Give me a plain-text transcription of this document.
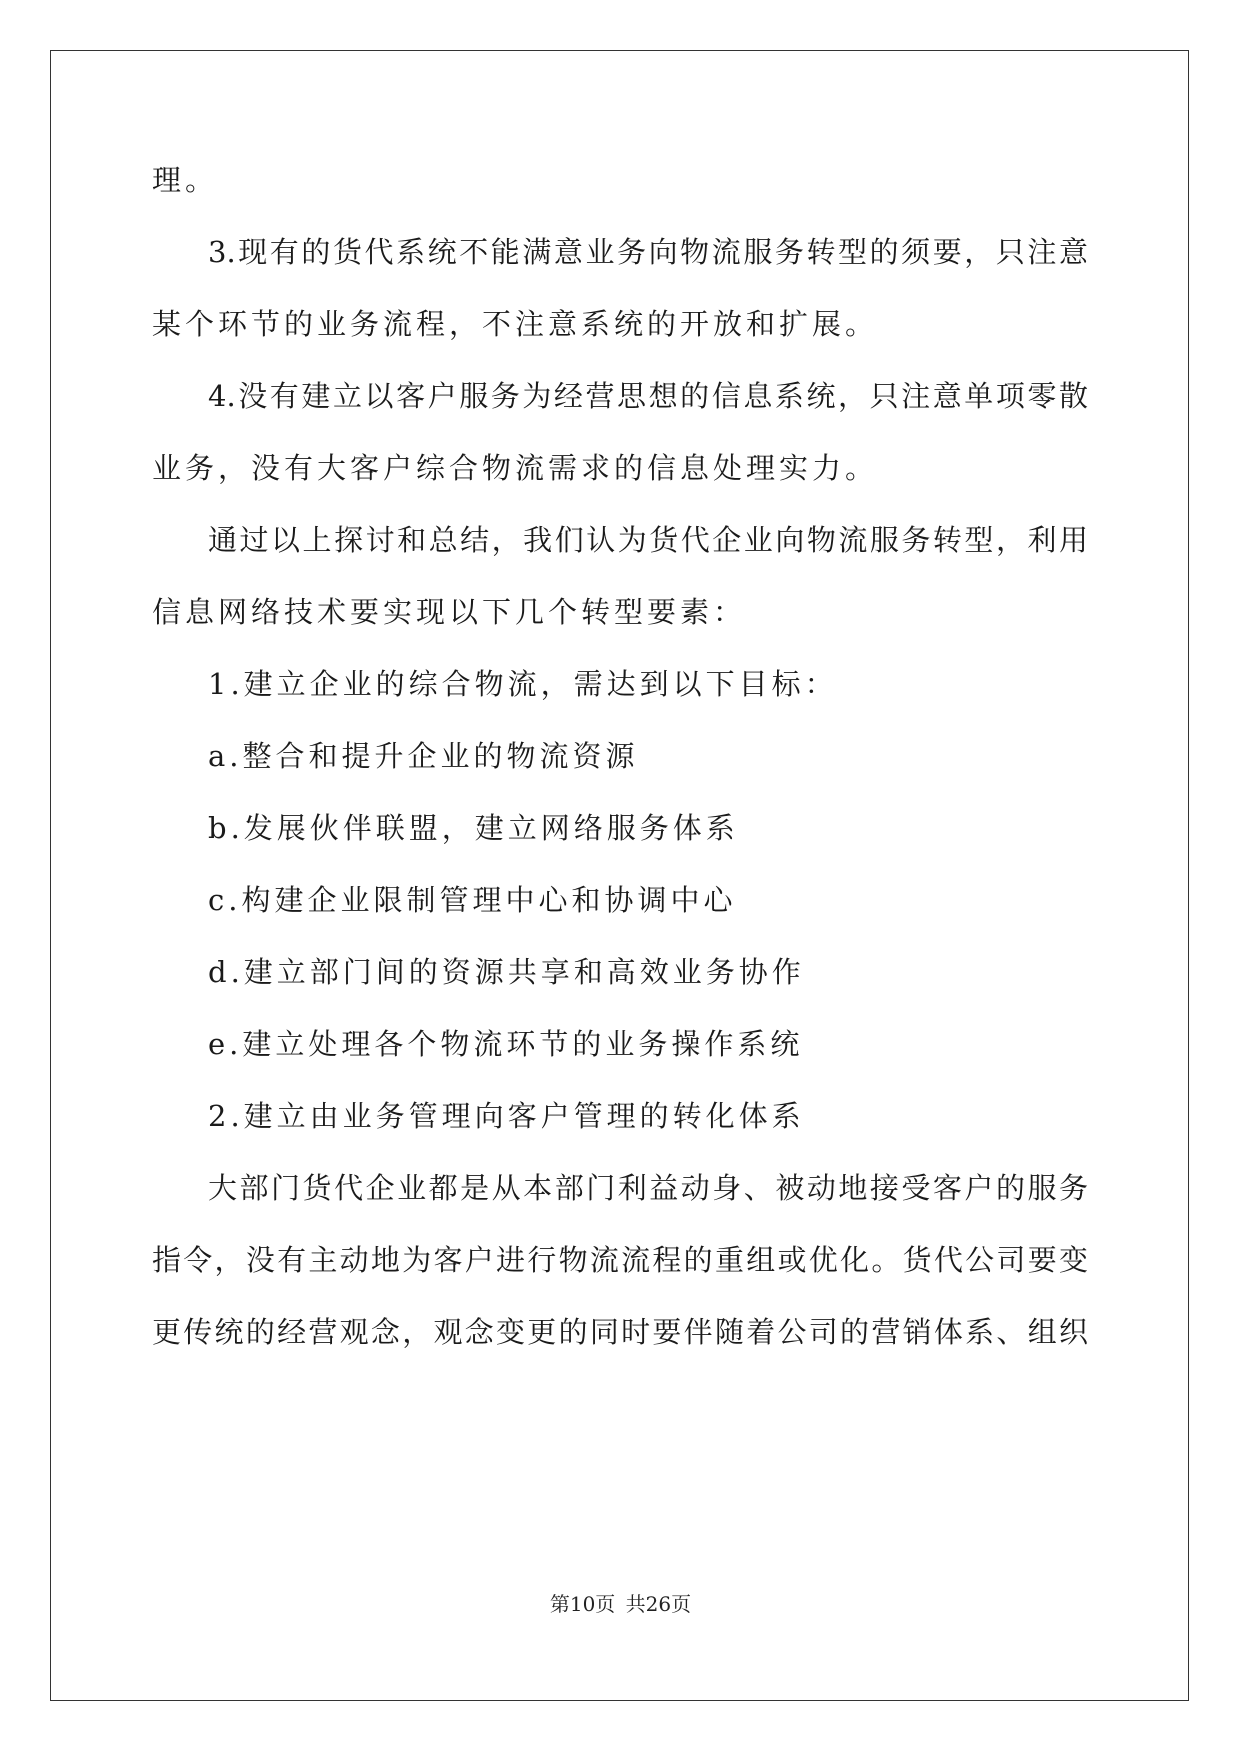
理。
3.现有的货代系统不能满意业务向物流服务转型的须要，只注意
某个环节的业务流程，不注意系统的开放和扩展。
4.没有建立以客户服务为经营思想的信息系统，只注意单项零散
业务，没有大客户综合物流需求的信息处理实力。
通过以上探讨和总结，我们认为货代企业向物流服务转型，利用
信息网络技术要实现以下几个转型要素：
1.建立企业的综合物流，需达到以下目标：
a.整合和提升企业的物流资源
b.发展伙伴联盟，建立网络服务体系
c.构建企业限制管理中心和协调中心
d.建立部门间的资源共享和高效业务协作
e.建立处理各个物流环节的业务操作系统
2.建立由业务管理向客户管理的转化体系
大部门货代企业都是从本部门利益动身、被动地接受客户的服务
指令，没有主动地为客户进行物流流程的重组或优化。货代公司要变
更传统的经营观念，观念变更的同时要伴随着公司的营销体系、组织
第10页 共26页
